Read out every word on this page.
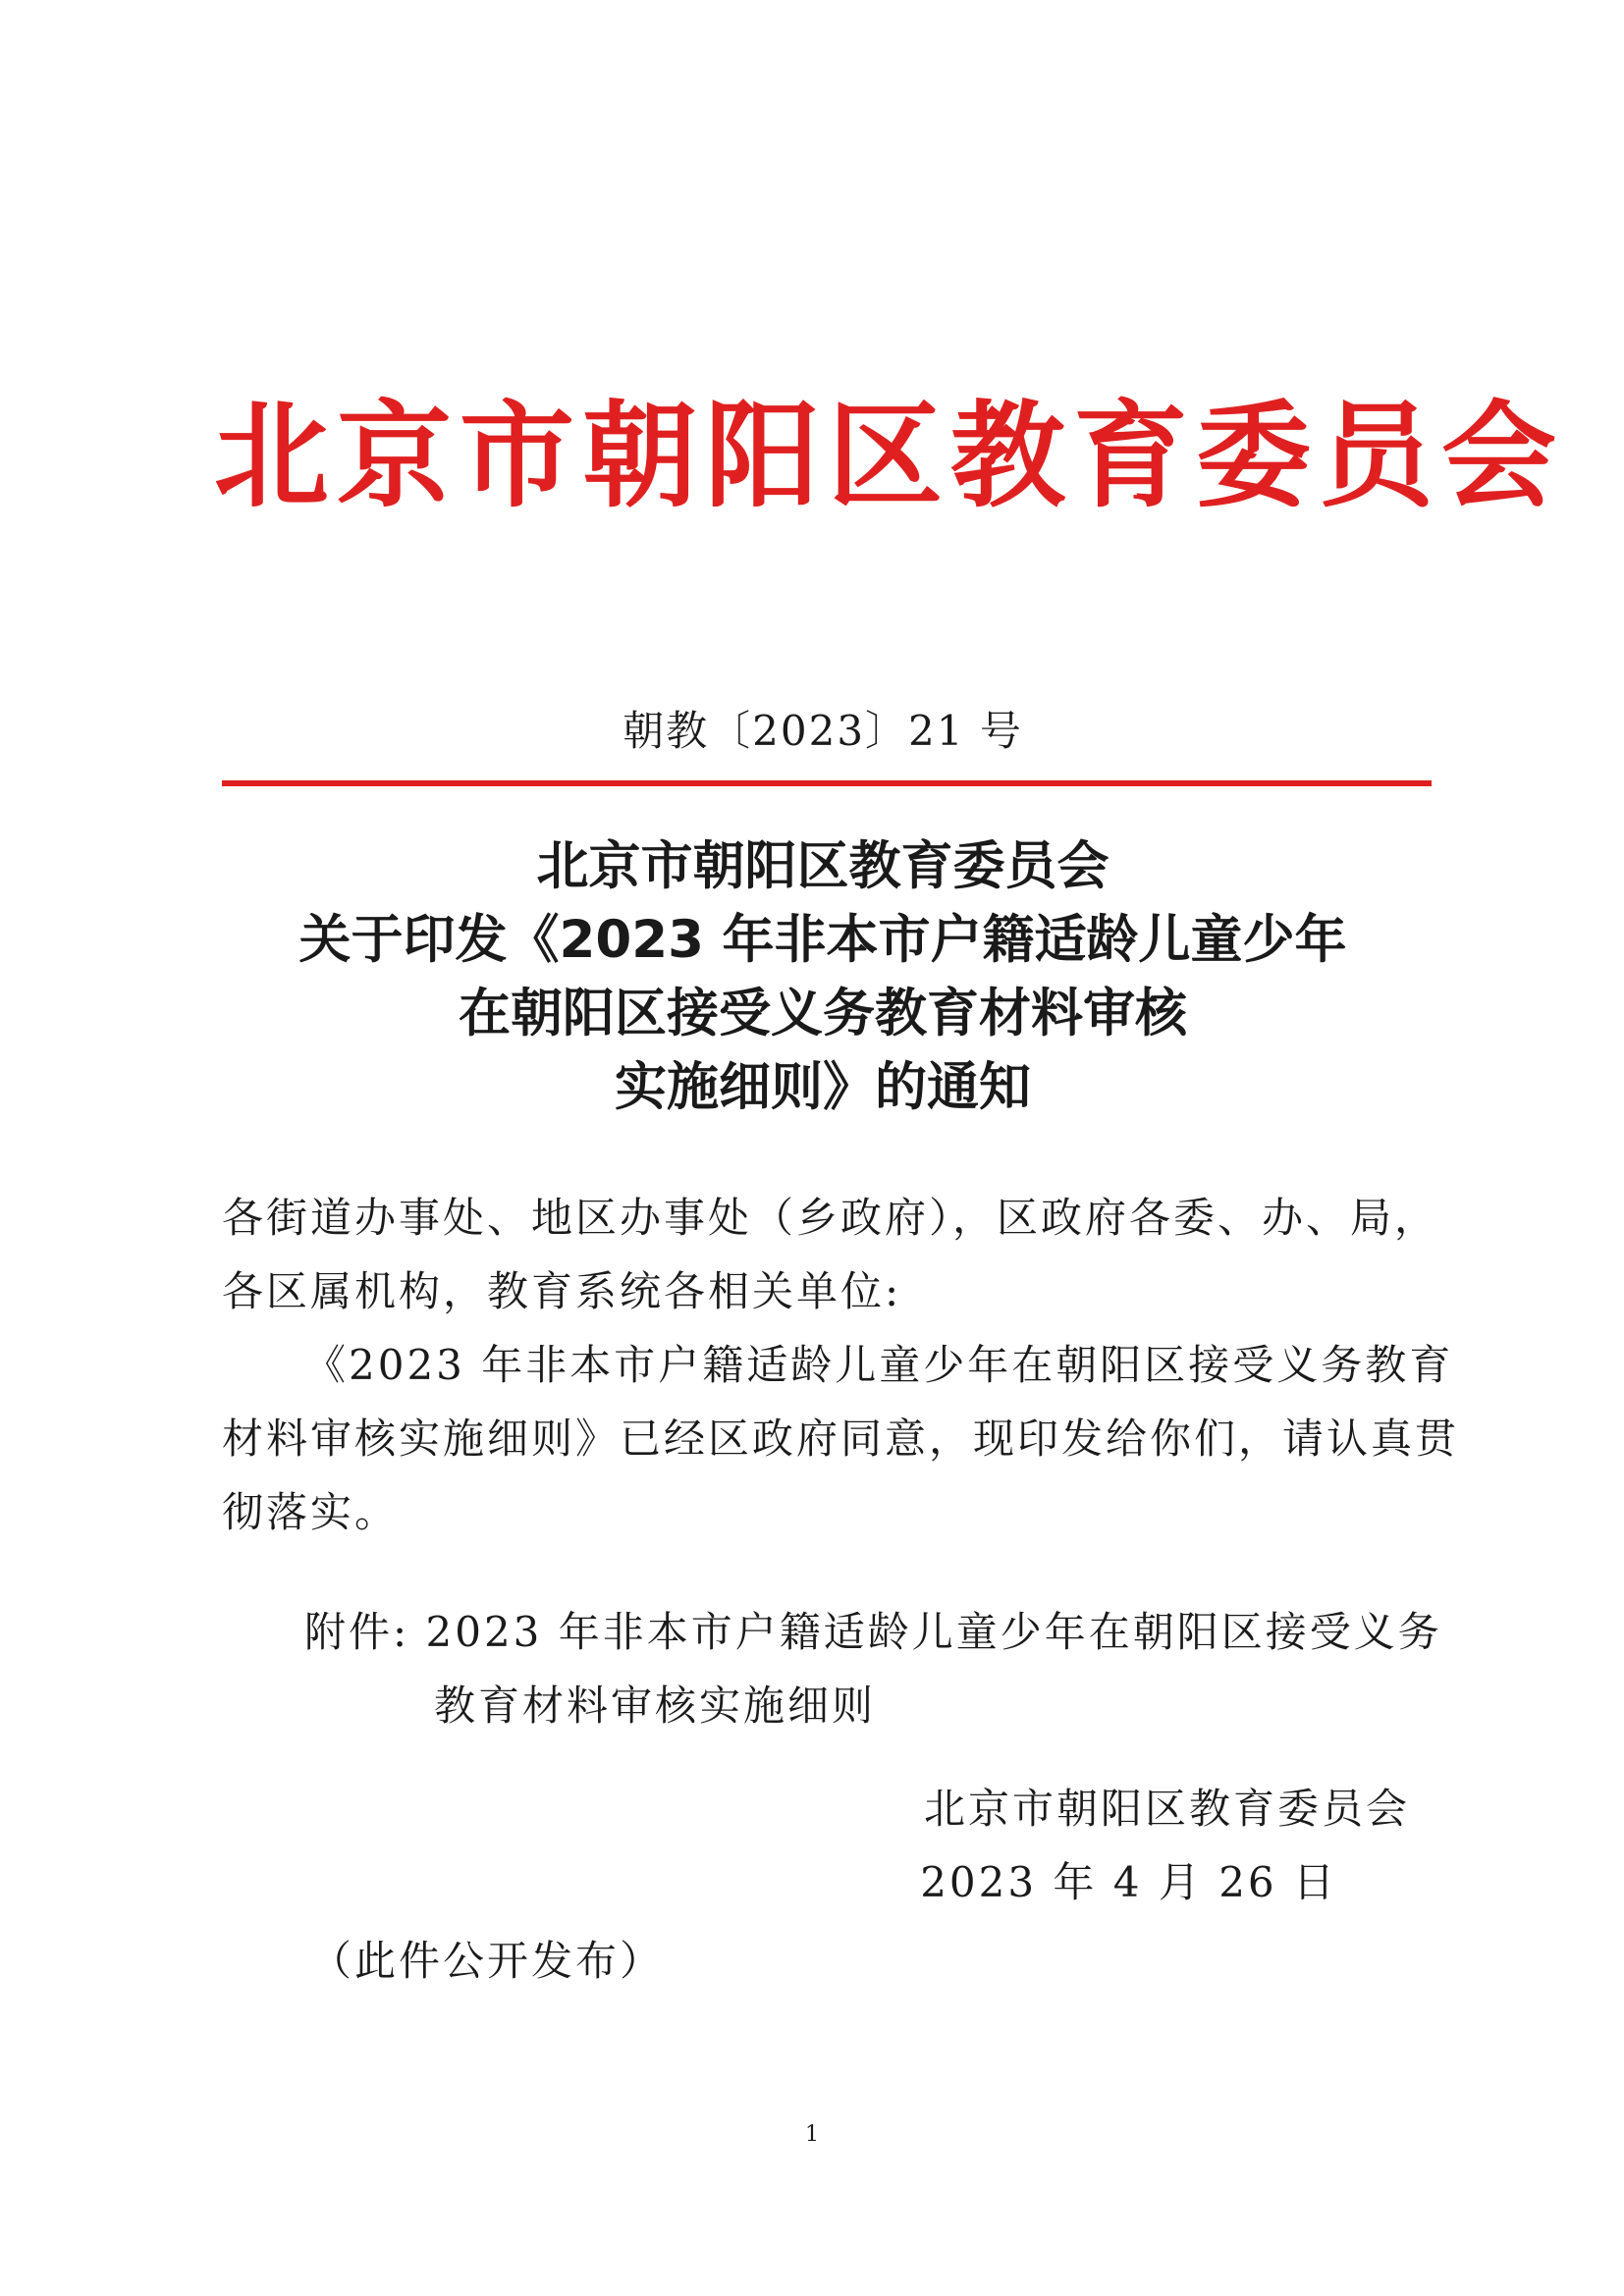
北京市朝阳区教育委员会
朝教〔2023〕21 号
北京市朝阳区教育委员会
关于印发《2023 年非本市户籍适龄儿童少年
在朝阳区接受义务教育材料审核
实施细则》的通知
各街道办事处、地区办事处（乡政府），区政府各委、办、局，
各区属机构，教育系统各相关单位:
《2023 年非本市户籍适龄儿童少年在朝阳区接受义务教育
材料审核实施细则》已经区政府同意，现印发给你们，请认真贯
彻落实。
附件: 2023 年非本市户籍适龄儿童少年在朝阳区接受义务
教育材料审核实施细则
北京市朝阳区教育委员会
2023 年 4 月 26 日
（此件公开发布）
1
